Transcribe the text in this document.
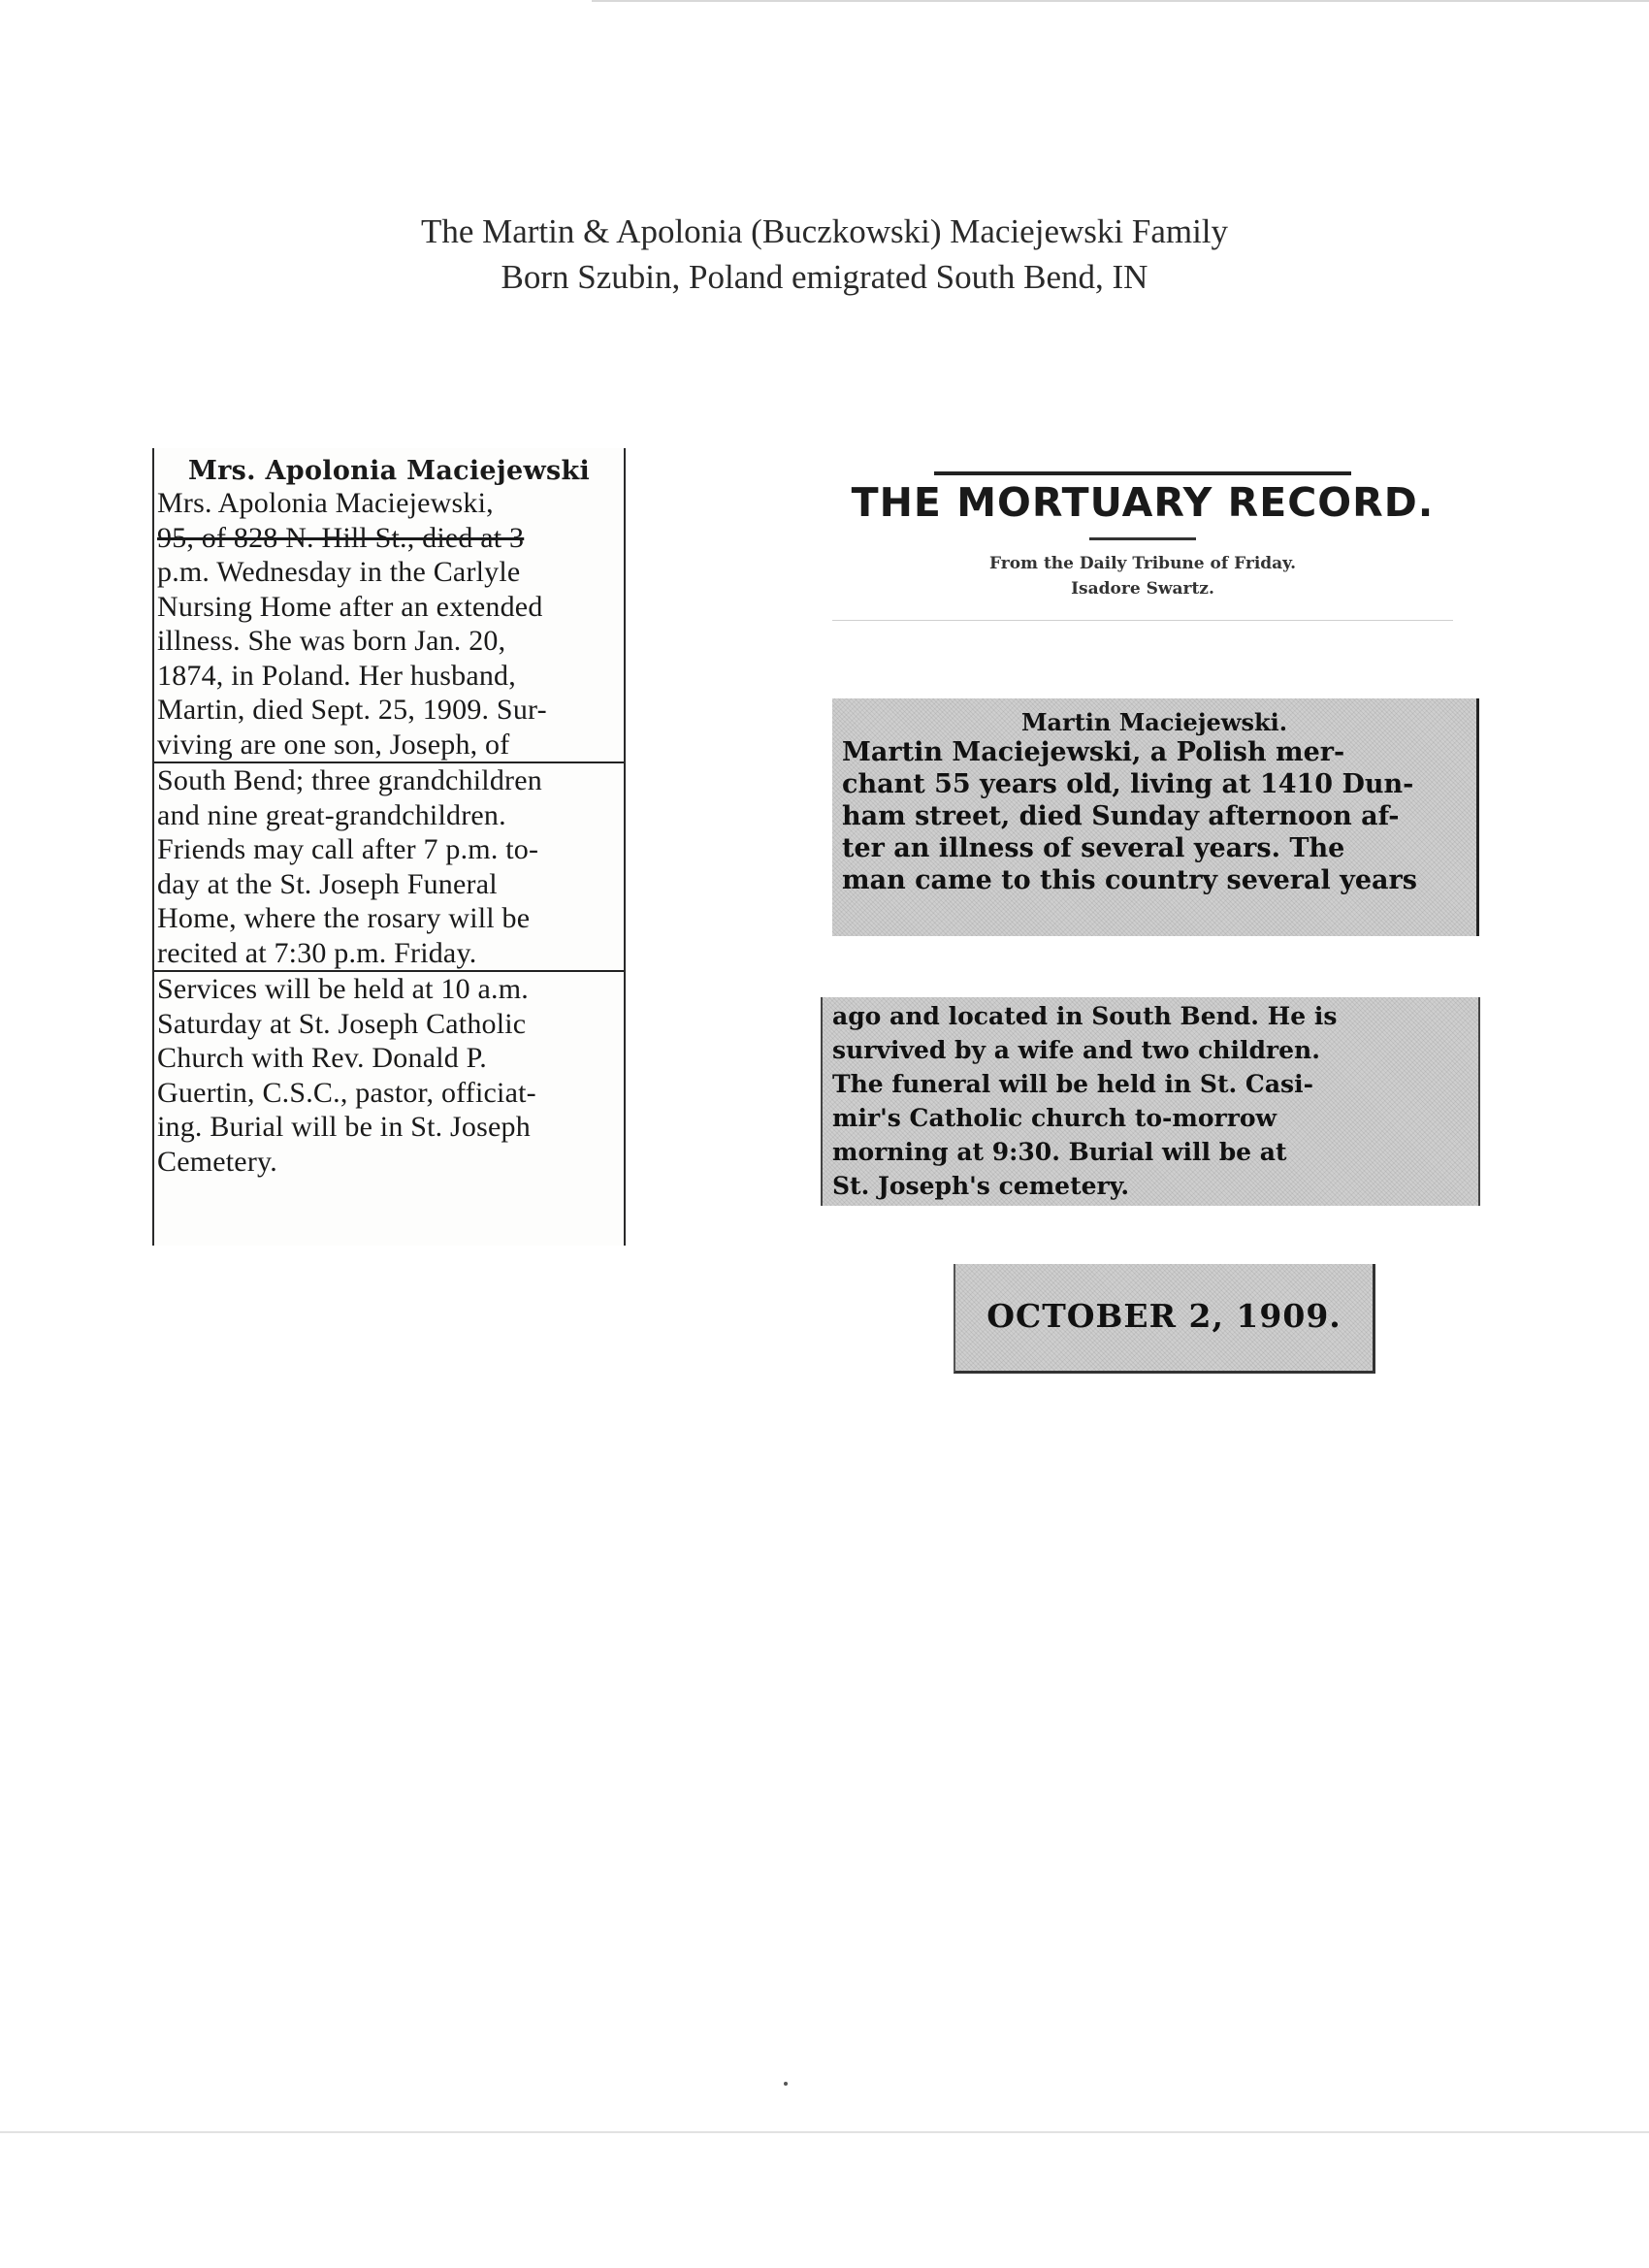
The Martin & Apolonia (Buczkowski) Maciejewski Family
Born Szubin, Poland emigrated South Bend, IN
Mrs. Apolonia Maciejewski
Mrs. Apolonia Maciejewski,
95, of 828 N. Hill St., died at 3
p.m. Wednesday in the Carlyle
Nursing Home after an extended
illness. She was born Jan. 20,
1874, in Poland. Her husband,
Martin, died Sept. 25, 1909. Sur-
viving are one son, Joseph, of
South Bend; three grandchildren
and nine great-grandchildren.
Friends may call after 7 p.m. to-
day at the St. Joseph Funeral
Home, where the rosary will be
recited at 7:30 p.m. Friday.
Services will be held at 10 a.m.
Saturday at St. Joseph Catholic
Church with Rev. Donald P.
Guertin, C.S.C., pastor, officiat-
ing. Burial will be in St. Joseph
Cemetery.
THE MORTUARY RECORD.
From the Daily Tribune of Friday.
Isadore Swartz.
Martin Maciejewski.
Martin Maciejewski, a Polish mer-
chant 55 years old, living at 1410 Dun-
ham street, died Sunday afternoon af-
ter an illness of several years. The
man came to this country several years
ago and located in South Bend. He is
survived by a wife and two children.
The funeral will be held in St. Casi-
mir's Catholic church to-morrow
morning at 9:30. Burial will be at
St. Joseph's cemetery.
OCTOBER 2, 1909.
